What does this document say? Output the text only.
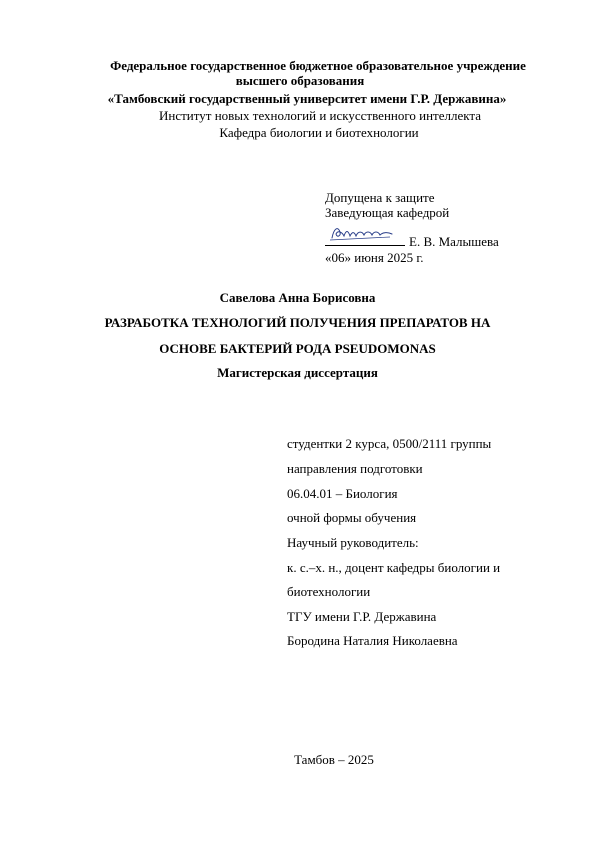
Федеральное государственное бюджетное образовательное учреждение
высшего образования
«Тамбовский государственный университет имени Г.Р. Державина»
Институт новых технологий и искусственного интеллекта
Кафедра биологии и биотехнологии
Допущена к защите
Заведующая кафедрой
Е. В. Малышева
«06» июня 2025 г.
Савелова Анна Борисовна
РАЗРАБОТКА ТЕХНОЛОГИЙ ПОЛУЧЕНИЯ ПРЕПАРАТОВ НА
ОСНОВЕ БАКТЕРИЙ РОДА PSEUDOMONAS
Магистерская диссертация
студентки 2 курса, 0500/2111 группы
направления подготовки
06.04.01 – Биология
очной формы обучения
Научный руководитель:
к. с.–х. н., доцент кафедры биологии и
биотехнологии
ТГУ имени Г.Р. Державина
Бородина Наталия Николаевна
Тамбов – 2025
